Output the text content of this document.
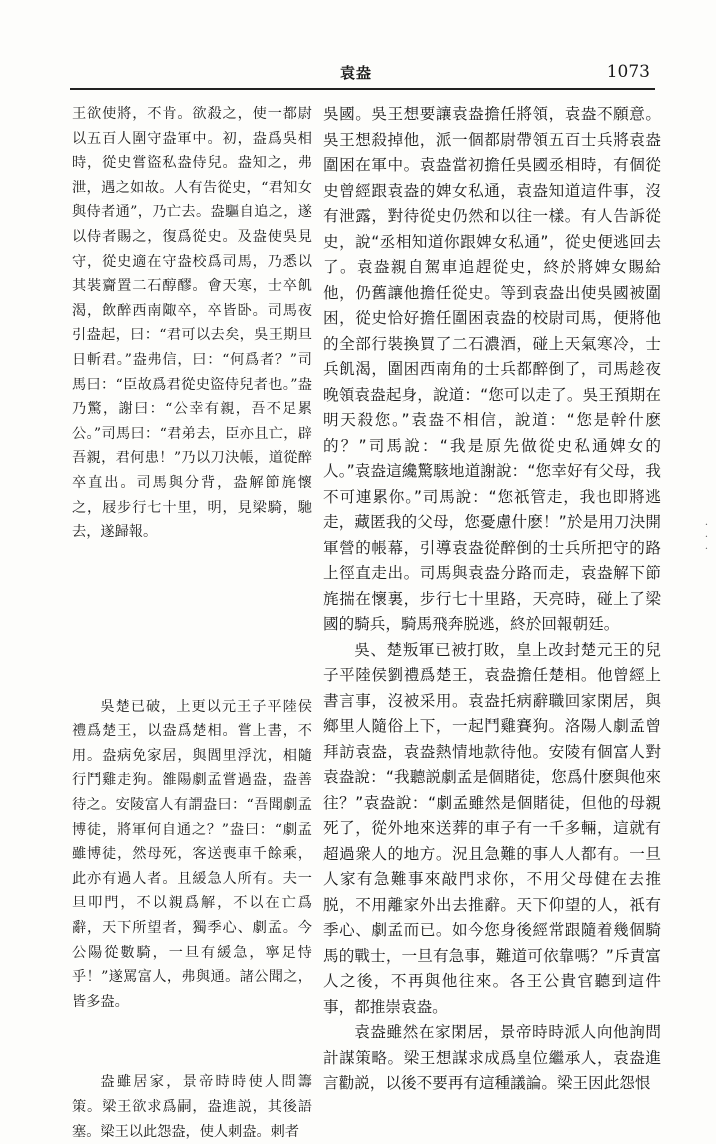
袁盎	1073

王欲使將，不肯。欲殺之，使一都尉以五百人圍守盎軍中。初，盎爲吳相時，從史嘗盜私盎侍兒。盎知之，弗泄，遇之如故。人有告從史，“君知女與侍者通”，乃亡去。盎驅自追之，遂以侍者賜之，復爲從史。及盎使吳見守，從史適在守盎校爲司馬，乃悉以其裝齎置二石醇醪。會天寒，士卒飢渴，飲醉西南陬卒，卒皆卧。司馬夜引盎起，曰：“君可以去矣，吳王期旦日斬君。”盎弗信，曰：“何爲者？”司馬曰：“臣故爲君從史盜侍兒者也。”盎乃驚，謝曰：“公幸有親，吾不足累公。”司馬曰：“君弟去，臣亦且亡，辟吾親，君何患！”乃以刀決帳，道從醉卒直出。司馬與分背，盎解節旄懷之，屐步行七十里，明，見梁騎，馳去，遂歸報。

吳楚已破，上更以元王子平陸侯禮爲楚王，以盎爲楚相。嘗上書，不用。盎病免家居，與閭里浮沈，相隨行鬥雞走狗。雒陽劇孟嘗過盎，盎善待之。安陵富人有謂盎曰：“吾聞劇孟博徒，將軍何自通之？”盎曰：“劇孟雖博徒，然母死，客送喪車千餘乘，此亦有過人者。且緩急人所有。夫一旦叩門，不以親爲解，不以在亡爲辭，天下所望者，獨季心、劇孟。今公陽從數騎，一旦有緩急，寧足恃乎！”遂罵富人，弗與通。諸公聞之，皆多盎。

盎雖居家，景帝時時使人問籌策。梁王欲求爲嗣，盎進説，其後語塞。梁王以此怨盎，使人刺盎。刺者

吳國。吳王想要讓袁盎擔任將領，袁盎不願意。吳王想殺掉他，派一個都尉帶領五百士兵將袁盎圍困在軍中。袁盎當初擔任吳國丞相時，有個從史曾經跟袁盎的婢女私通，袁盎知道這件事，沒有泄露，對待從史仍然和以往一樣。有人告訴從史，說“丞相知道你跟婢女私通”，從史便逃回去了。袁盎親自駕車追趕從史，終於將婢女賜給他，仍舊讓他擔任從史。等到袁盎出使吳國被圍困，從史恰好擔任圍困袁盎的校尉司馬，便將他的全部行裝換買了二石濃酒，碰上天氣寒冷，士兵飢渴，圍困西南角的士兵都醉倒了，司馬趁夜晚領袁盎起身，說道：“您可以走了。吳王預期在明天殺您。”袁盎不相信，說道：“您是幹什麽的？”司馬說：“我是原先做從史私通婢女的人。”袁盎這纔驚駭地道謝說：“您幸好有父母，我不可連累你。”司馬說：“您祇管走，我也即將逃走，藏匿我的父母，您憂慮什麽！”於是用刀決開軍營的帳幕，引導袁盎從醉倒的士兵所把守的路上徑直走出。司馬與袁盎分路而走，袁盎解下節旄揣在懷裏，步行七十里路，天亮時，碰上了梁國的騎兵，騎馬飛奔脱逃，終於回報朝廷。

吳、楚叛軍已被打敗，皇上改封楚元王的兒子平陸侯劉禮爲楚王，袁盎擔任楚相。他曾經上書言事，沒被采用。袁盎托病辭職回家閑居，與鄉里人隨俗上下，一起鬥雞賽狗。洛陽人劇孟曾拜訪袁盎，袁盎熱情地款待他。安陵有個富人對袁盎說：“我聽説劇孟是個賭徒，您爲什麽與他來往？”袁盎說：“劇孟雖然是個賭徒，但他的母親死了，從外地來送葬的車子有一千多輛，這就有超過衆人的地方。況且急難的事人人都有。一旦人家有急難事來敲門求你，不用父母健在去推脱，不用離家外出去推辭。天下仰望的人，祇有季心、劇孟而已。如今您身後經常跟隨着幾個騎馬的戰士，一旦有急事，難道可依靠嗎？”斥責富人之後，不再與他往來。各王公貴官聽到這件事，都推崇袁盎。

袁盎雖然在家閑居，景帝時時派人向他詢問計謀策略。梁王想謀求成爲皇位繼承人，袁盎進言勸説，以後不要再有這種議論。梁王因此怨恨

·
·
·
